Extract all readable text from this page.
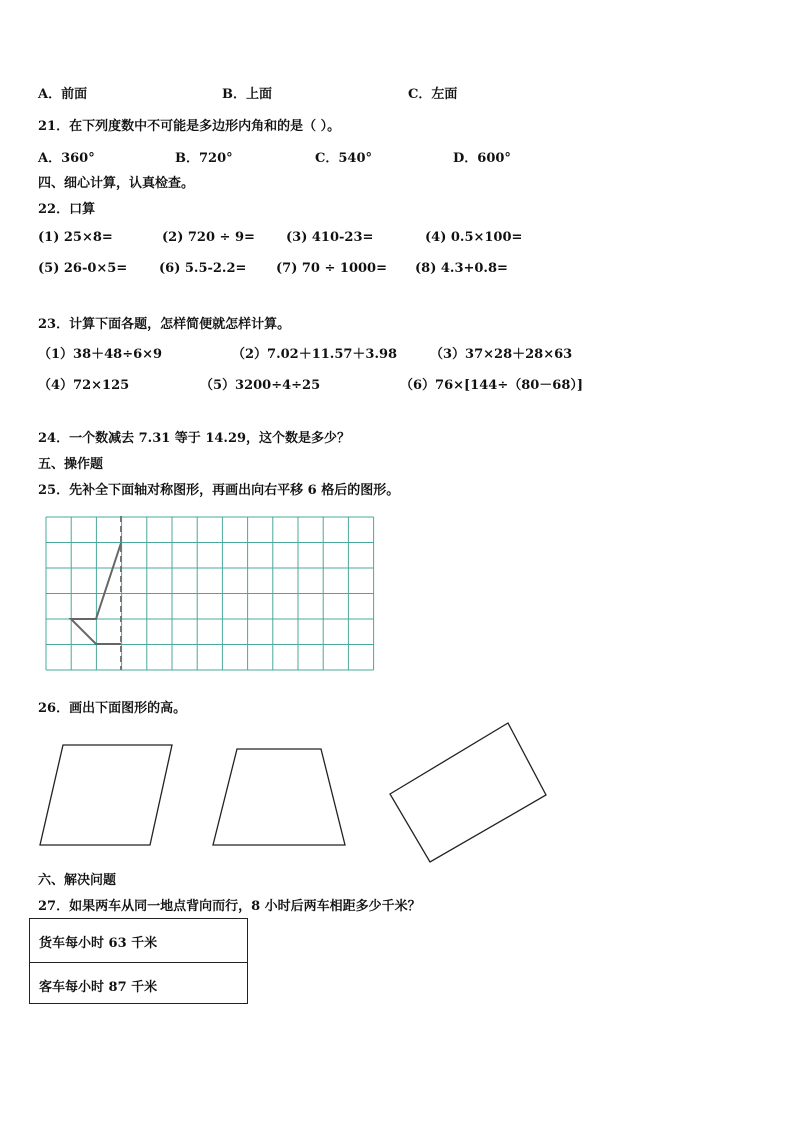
A．前面	B．上面	C．左面
21．在下列度数中不可能是多边形内角和的是（ ）。
A．360°	B．720°	C．540°	D．600°
四、细心计算，认真检查。
22．口算
(1) 25×8=	(2) 720 ÷ 9= (3) 410-23=	(4) 0.5×100=
(5) 26-0×5= (6) 5.5-2.2= (7) 70 ÷ 1000= (8) 4.3+0.8=
23．计算下面各题，怎样简便就怎样计算。
（1）38＋48÷6×9	（2）7.02＋11.57＋3.98	（3）37×28＋28×63
（4）72×125	（5）3200÷4÷25	（6）76×[144÷（80－68）]
24．一个数减去 7.31 等于 14.29，这个数是多少？
五、操作题
25．先补全下面轴对称图形，再画出向右平移 6 格后的图形。
26．画出下面图形的高。
六、解决问题
27．如果两车从同一地点背向而行，8 小时后两车相距多少千米？
货车每小时 63 千米
客车每小时 87 千米
